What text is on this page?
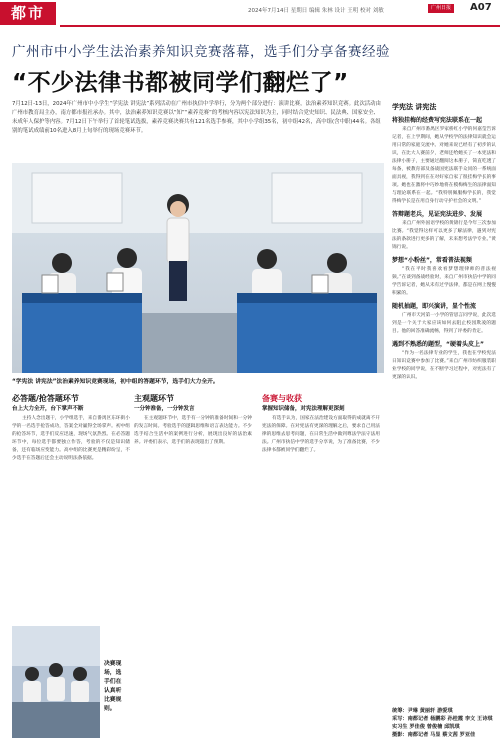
都市	2024年7月14日 星期日 编辑 朱林 设计 王明 校对 刘敏	广州日报	A07
广州市中小学生法治素养知识竞赛落幕，选手们分享备赛经验
“不少法律书都被同学们翻烂了”
7月12日-13日，2024年广州市中小学生“学宪法 讲宪法”系列活动在广州市执信中学举行，分为两个部分进行：演讲比赛，法治素养知识竞赛。此次活动由广州市教育局主办，南方都市报社承办。其中，法治素养知识竞赛以“知”“素养竞赛”的考核内容以宪法知识为主，同时结合党史知识、民法典、国家安全、未成年人保护等内容。7月12日下午举行了首轮笔试选拔，素养竞赛决赛共有121名选手参赛，其中小学组35名，初中组42名，高中组(含中职)44名。各组别的笔试成绩前10名进入8月上旬举行的现场竞赛环节。
“学宪法 讲宪法”法治素养知识竞赛现场，初中组的答题环节，选手们大力全开。
学宪法 讲宪法
将独挂梅的经费写宪法联系在一起

来自广州市番禺区罗家桥红小学的何嘉莹告诉记者，在上学期间，她从学校学的法律知识就会运用日常的家庭交流中。对她来说已经有了初步的认识，在比大人赛前夕，老师还给她买了一本宪法和法律小册子，主要通过翻阅这本册子，简直吃透了每条，被教育部及备战国宪法联手众同的一系统面面具视，我得到在在对好家自家了很挂梅学长的事项。她也在激将中巧妙地将在模梅梅生的法律面知与理论联系在一起。“我特别佩服梅学长的，我觉得梅学长是在用自身行动守护社会的文明。”

答辩题老兵，见证宪法进步、发展

来自广州外国语学校的黄锦行是今年三次参加比赛。“我觉得这样可以更多了解法律，遇到对宪法的条款进行更多的了解，未来想考法学专业。”黄锦行说。

梦想“小粉丝”，常看普法视频

“我在平时我喜欢看梦想理律师的普法视频。”在谈到备战经验时，来自广州市执信中学的同学告诉记者，她从未有过学法律，都是在网上慢慢积累的。

随机抽题，即兴演讲，显个性流

广州市天河第一小学的管思言同学说，此次选到是一个关于大家应该如何去阻止校园欺凌的题目。他的回答准确流畅，得到了评委的肯定。

遇到不熟悉的题型，“硬着头皮上”

“作为一名法律专业的学生，我也在学校宪法日知识竞赛中参加了比赛。”来自广州市纺织服装职业学校的同学说，在不断学习过程中，对宪法有了更深的认识。

必答题/抢答题环节
台上大力全开，台下掌声不断

主持人念出题干，小学组选手，来自番禺区东环街小学的一名选手抢答成功，答案全对赢得全场掌声。初中组的抢答环节，选手们反应迅速，现场气氛热烈。在必答题环节中，每位选手都要独立作答，考验的不仅是知识储备，还有临场应变能力。高中组的比赛更是精彩纷呈，不少选手在答题后还会主动说明法条依据。

主观题环节
一分钟准备，一分钟发言

在主观题环节中，选手有一分钟的准备时间和一分钟的发言时间。考验选手的逻辑思维和语言表达能力。不少选手结合生活中的案例进行分析，展现出良好的法治素养。评委们表示，选手们的表现超出了预期。

备赛与收获
掌握知识储备，对宪法理解更深刻

有选手认为，国家在法治建设方面取得的成就离不开宪法的保障。在对宪法有更深的理解之后，要求自己用法律的思维去思考问题，在日常生活中做到尊法学法守法用法。广州市执信中学的选手分享说，为了准备比赛，不少法律书都被同学们翻烂了。

决赛现场，选手们在认真听比赛规则。	统筹：尹琳 黄丽轩 游爱琪
采写：南都记者 杨鹏彩 孙桂霞 李文 王诗琪
实习生 罗佳俊 曾俊楠 邱凯琪
摄影：南都记者 马显 蔡文茜 罗亚佳
